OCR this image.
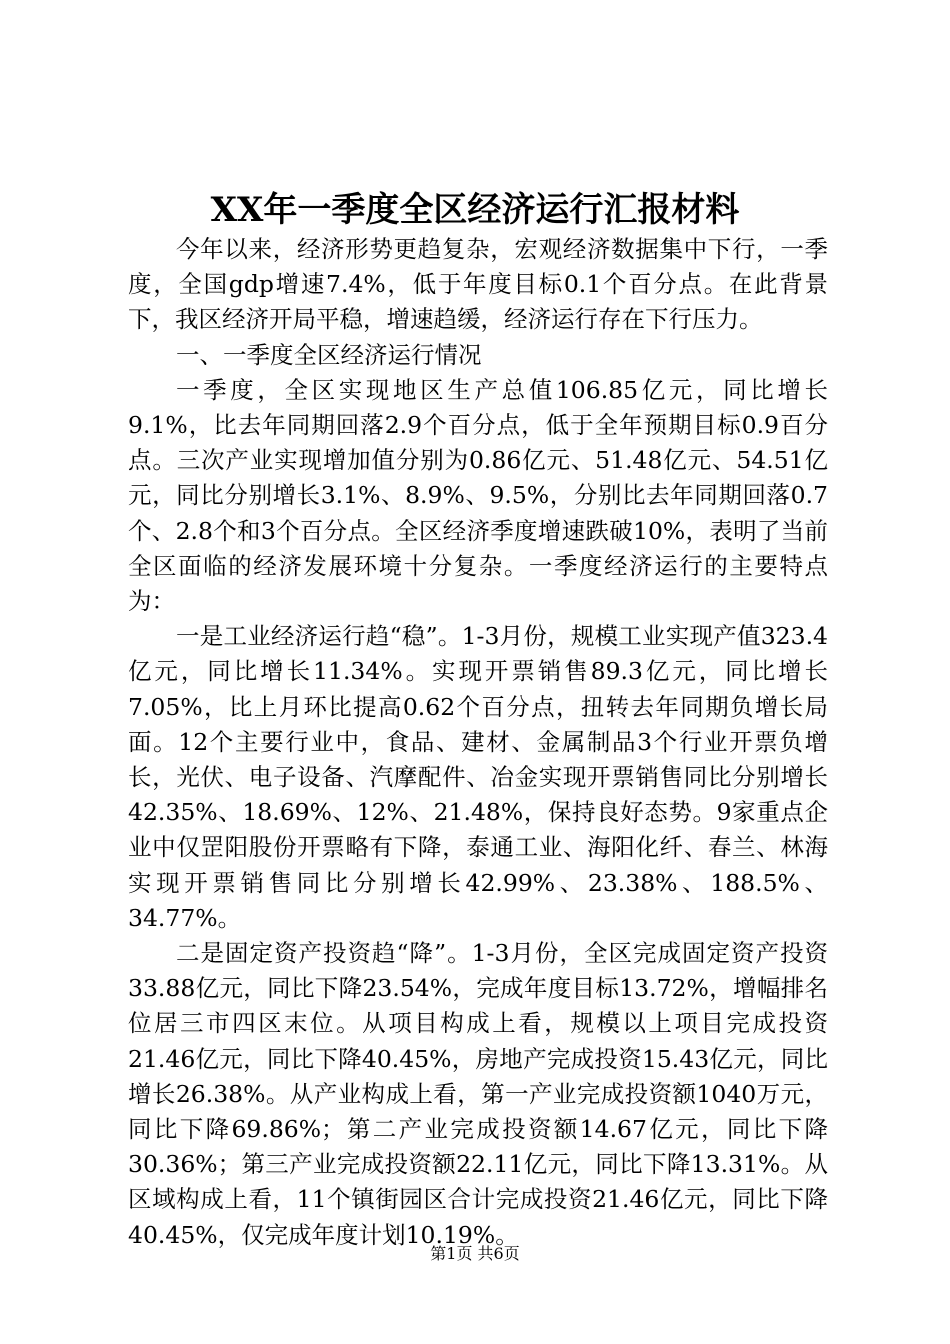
XX年一季度全区经济运行汇报材料

今年以来，经济形势更趋复杂，宏观经济数据集中下行，一季度，全国gdp增速7.4%，低于年度目标0.1个百分点。在此背景下，我区经济开局平稳，增速趋缓，经济运行存在下行压力。

一、一季度全区经济运行情况

一季度，全区实现地区生产总值106.85亿元，同比增长9.1%，比去年同期回落2.9个百分点，低于全年预期目标0.9百分点。三次产业实现增加值分别为0.86亿元、51.48亿元、54.51亿元，同比分别增长3.1%、8.9%、9.5%，分别比去年同期回落0.7个、2.8个和3个百分点。全区经济季度增速跌破10%，表明了当前全区面临的经济发展环境十分复杂。一季度经济运行的主要特点为：

一是工业经济运行趋“稳”。1-3月份，规模工业实现产值323.4亿元，同比增长11.34%。实现开票销售89.3亿元，同比增长7.05%，比上月环比提高0.62个百分点，扭转去年同期负增长局面。12个主要行业中，食品、建材、金属制品3个行业开票负增长，光伏、电子设备、汽摩配件、冶金实现开票销售同比分别增长42.35%、18.69%、12%、21.48%，保持良好态势。9家重点企业中仅罡阳股份开票略有下降，泰通工业、海阳化纤、春兰、林海实现开票销售同比分别增长42.99%、23.38%、188.5%、34.77%。

二是固定资产投资趋“降”。1-3月份，全区完成固定资产投资33.88亿元，同比下降23.54%，完成年度目标13.72%，增幅排名位居三市四区末位。从项目构成上看，规模以上项目完成投资21.46亿元，同比下降40.45%，房地产完成投资15.43亿元，同比增长26.38%。从产业构成上看，第一产业完成投资额1040万元，同比下降69.86%；第二产业完成投资额14.67亿元，同比下降30.36%；第三产业完成投资额22.11亿元，同比下降13.31%。从区域构成上看，11个镇街园区合计完成投资21.46亿元，同比下降40.45%，仅完成年度计划10.19%。

第1页 共6页
